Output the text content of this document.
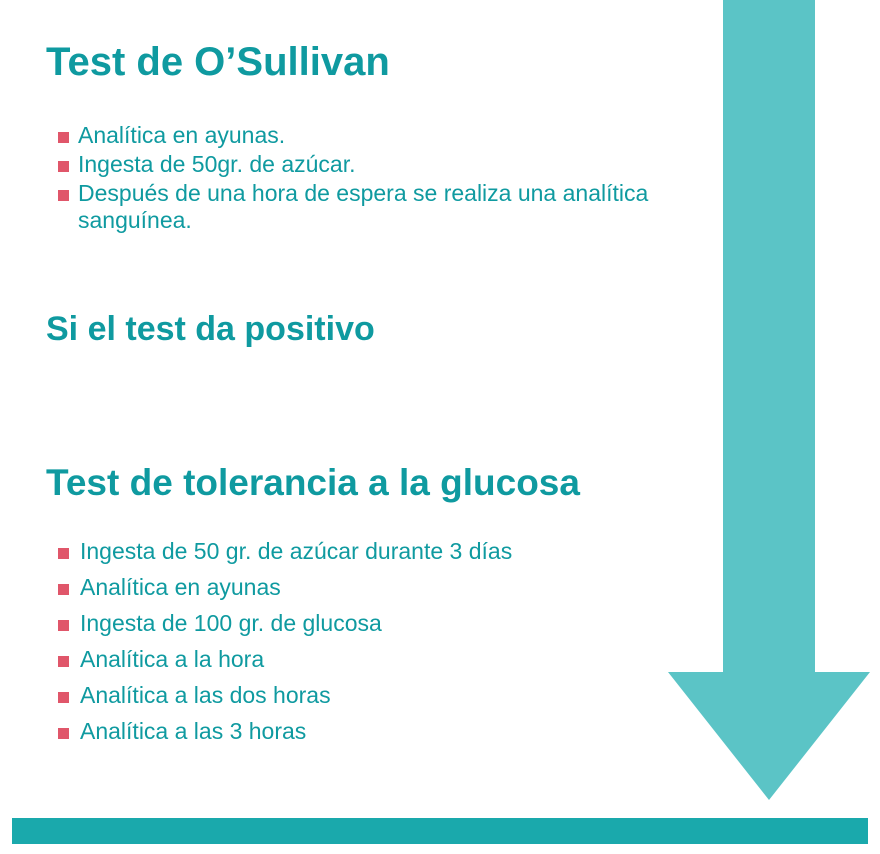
Test de O’Sullivan
Analítica en ayunas.
Ingesta de 50gr. de azúcar.
Después de una hora de espera se realiza una analítica sanguínea.
Si el test da positivo
Test de tolerancia a la glucosa
Ingesta de 50 gr. de azúcar durante 3 días
Analítica en ayunas
Ingesta de 100 gr. de glucosa
Analítica a la hora
Analítica a las dos horas
Analítica a las 3 horas
